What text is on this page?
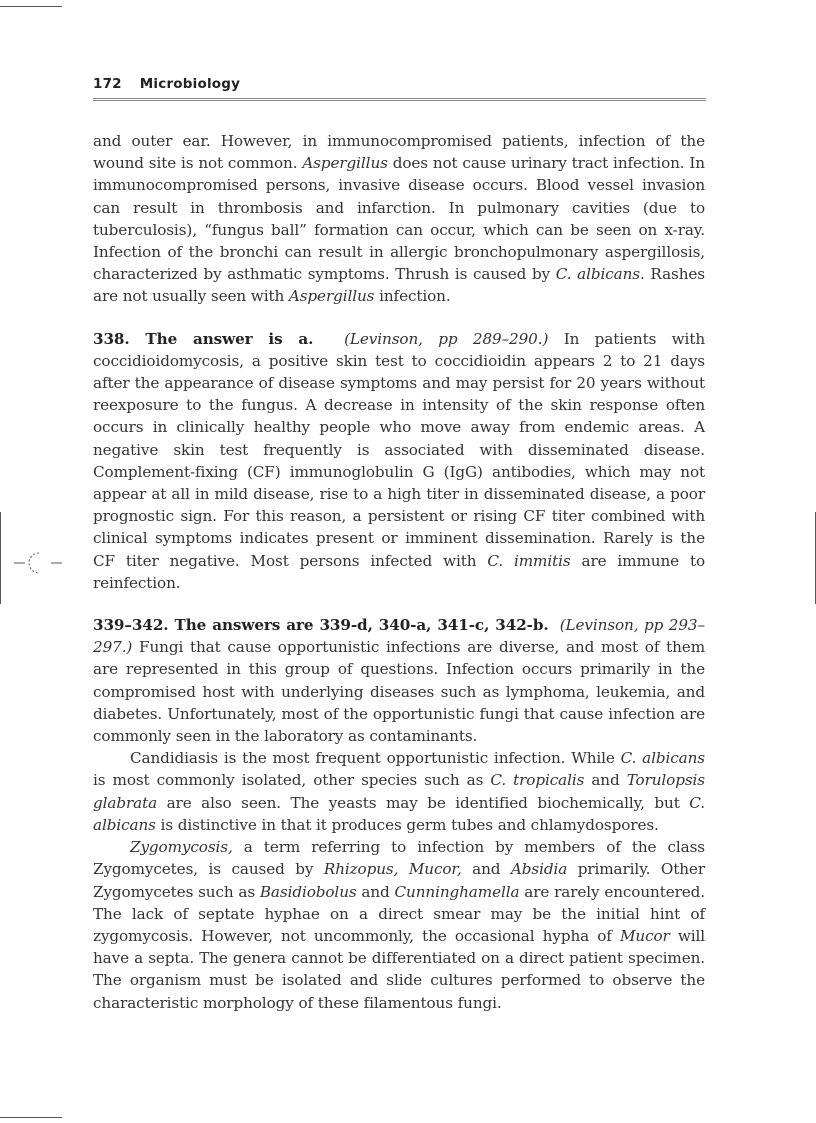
172 Microbiology

and outer ear. However, in immunocompromised patients, infection of the wound site is not common. Aspergillus does not cause urinary tract infection. In immunocompromised persons, invasive disease occurs. Blood vessel invasion can result in thrombosis and infarction. In pulmonary cavities (due to tuberculosis), “fungus ball” formation can occur, which can be seen on x-ray. Infection of the bronchi can result in allergic bronchopulmonary aspergillosis, characterized by asthmatic symptoms. Thrush is caused by C. albicans. Rashes are not usually seen with Aspergillus infection.

338. The answer is a. (Levinson, pp 289–290.) In patients with coccidioidomycosis, a positive skin test to coccidioidin appears 2 to 21 days after the appearance of disease symptoms and may persist for 20 years without reexposure to the fungus. A decrease in intensity of the skin response often occurs in clinically healthy people who move away from endemic areas. A negative skin test frequently is associated with disseminated disease. Complement-fixing (CF) immunoglobulin G (IgG) antibodies, which may not appear at all in mild disease, rise to a high titer in disseminated disease, a poor prognostic sign. For this reason, a persistent or rising CF titer combined with clinical symptoms indicates present or imminent dissemination. Rarely is the CF titer negative. Most persons infected with C. immitis are immune to reinfection.

339–342. The answers are 339-d, 340-a, 341-c, 342-b. (Levinson, pp 293–297.) Fungi that cause opportunistic infections are diverse, and most of them are represented in this group of questions. Infection occurs primarily in the compromised host with underlying diseases such as lymphoma, leukemia, and diabetes. Unfortunately, most of the opportunistic fungi that cause infection are commonly seen in the laboratory as contaminants.

Candidiasis is the most frequent opportunistic infection. While C. albicans is most commonly isolated, other species such as C. tropicalis and Torulopsis glabrata are also seen. The yeasts may be identified biochemically, but C. albicans is distinctive in that it produces germ tubes and chlamydospores.

Zygomycosis, a term referring to infection by members of the class Zygomycetes, is caused by Rhizopus, Mucor, and Absidia primarily. Other Zygomycetes such as Basidiobolus and Cunninghamella are rarely encountered. The lack of septate hyphae on a direct smear may be the initial hint of zygomycosis. However, not uncommonly, the occasional hypha of Mucor will have a septa. The genera cannot be differentiated on a direct patient specimen. The organism must be isolated and slide cultures performed to observe the characteristic morphology of these filamentous fungi.
